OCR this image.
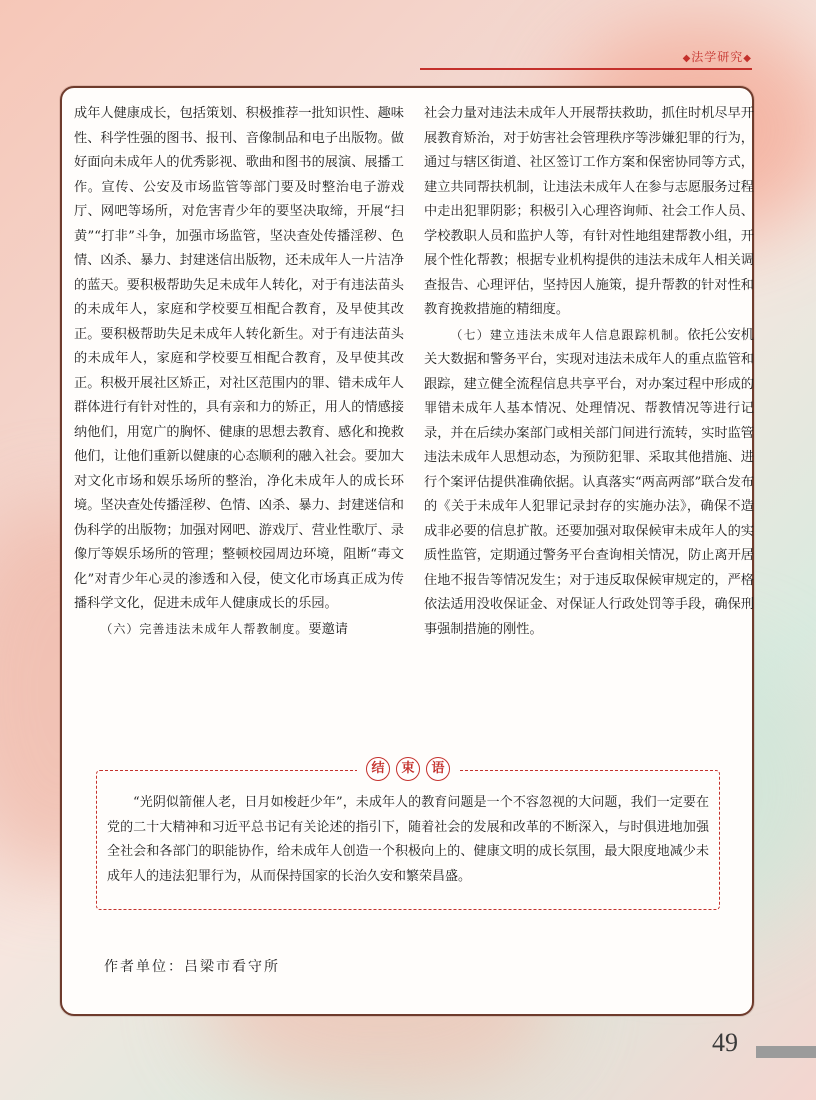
◆法学研究◆

成年人健康成长，包括策划、积极推荐一批知识性、趣味性、科学性强的图书、报刊、音像制品和电子出版物。做好面向未成年人的优秀影视、歌曲和图书的展演、展播工作。宣传、公安及市场监管等部门要及时整治电子游戏厅、网吧等场所，对危害青少年的要坚决取缔，开展“扫黄”“打非”斗争，加强市场监管，坚决查处传播淫秽、色情、凶杀、暴力、封建迷信出版物，还未成年人一片洁净的蓝天。要积极帮助失足未成年人转化，对于有违法苗头的未成年人，家庭和学校要互相配合教育，及早使其改正。要积极帮助失足未成年人转化新生。对于有违法苗头的未成年人，家庭和学校要互相配合教育，及早使其改正。积极开展社区矫正，对社区范围内的罪、错未成年人群体进行有针对性的，具有亲和力的矫正，用人的情感接纳他们，用宽广的胸怀、健康的思想去教育、感化和挽救他们，让他们重新以健康的心态顺利的融入社会。要加大对文化市场和娱乐场所的整治，净化未成年人的成长环境。坚决查处传播淫秽、色情、凶杀、暴力、封建迷信和伪科学的出版物；加强对网吧、游戏厅、营业性歌厅、录像厅等娱乐场所的管理；整顿校园周边环境，阻断“毒文化”对青少年心灵的渗透和入侵，使文化市场真正成为传播科学文化，促进未成年人健康成长的乐园。

（六）完善违法未成年人帮教制度。要邀请

社会力量对违法未成年人开展帮扶救助，抓住时机尽早开展教育矫治，对于妨害社会管理秩序等涉嫌犯罪的行为，通过与辖区街道、社区签订工作方案和保密协同等方式，建立共同帮扶机制，让违法未成年人在参与志愿服务过程中走出犯罪阴影；积极引入心理咨询师、社会工作人员、学校教职人员和监护人等，有针对性地组建帮教小组，开展个性化帮教；根据专业机构提供的违法未成年人相关调查报告、心理评估，坚持因人施策，提升帮教的针对性和教育挽救措施的精细度。

（七）建立违法未成年人信息跟踪机制。依托公安机关大数据和警务平台，实现对违法未成年人的重点监管和跟踪，建立健全流程信息共享平台，对办案过程中形成的罪错未成年人基本情况、处理情况、帮教情况等进行记录，并在后续办案部门或相关部门间进行流转，实时监管违法未成年人思想动态，为预防犯罪、采取其他措施、进行个案评估提供准确依据。认真落实“两高两部”联合发布的《关于未成年人犯罪记录封存的实施办法》，确保不造成非必要的信息扩散。还要加强对取保候审未成年人的实质性监管，定期通过警务平台查询相关情况，防止离开居住地不报告等情况发生；对于违反取保候审规定的，严格依法适用没收保证金、对保证人行政处罚等手段，确保刑事强制措施的刚性。

结 束 语

“光阴似箭催人老，日月如梭赶少年”，未成年人的教育问题是一个不容忽视的大问题，我们一定要在党的二十大精神和习近平总书记有关论述的指引下，随着社会的发展和改革的不断深入，与时俱进地加强全社会和各部门的职能协作，给未成年人创造一个积极向上的、健康文明的成长氛围，最大限度地减少未成年人的违法犯罪行为，从而保持国家的长治久安和繁荣昌盛。

作者单位：吕梁市看守所
49
